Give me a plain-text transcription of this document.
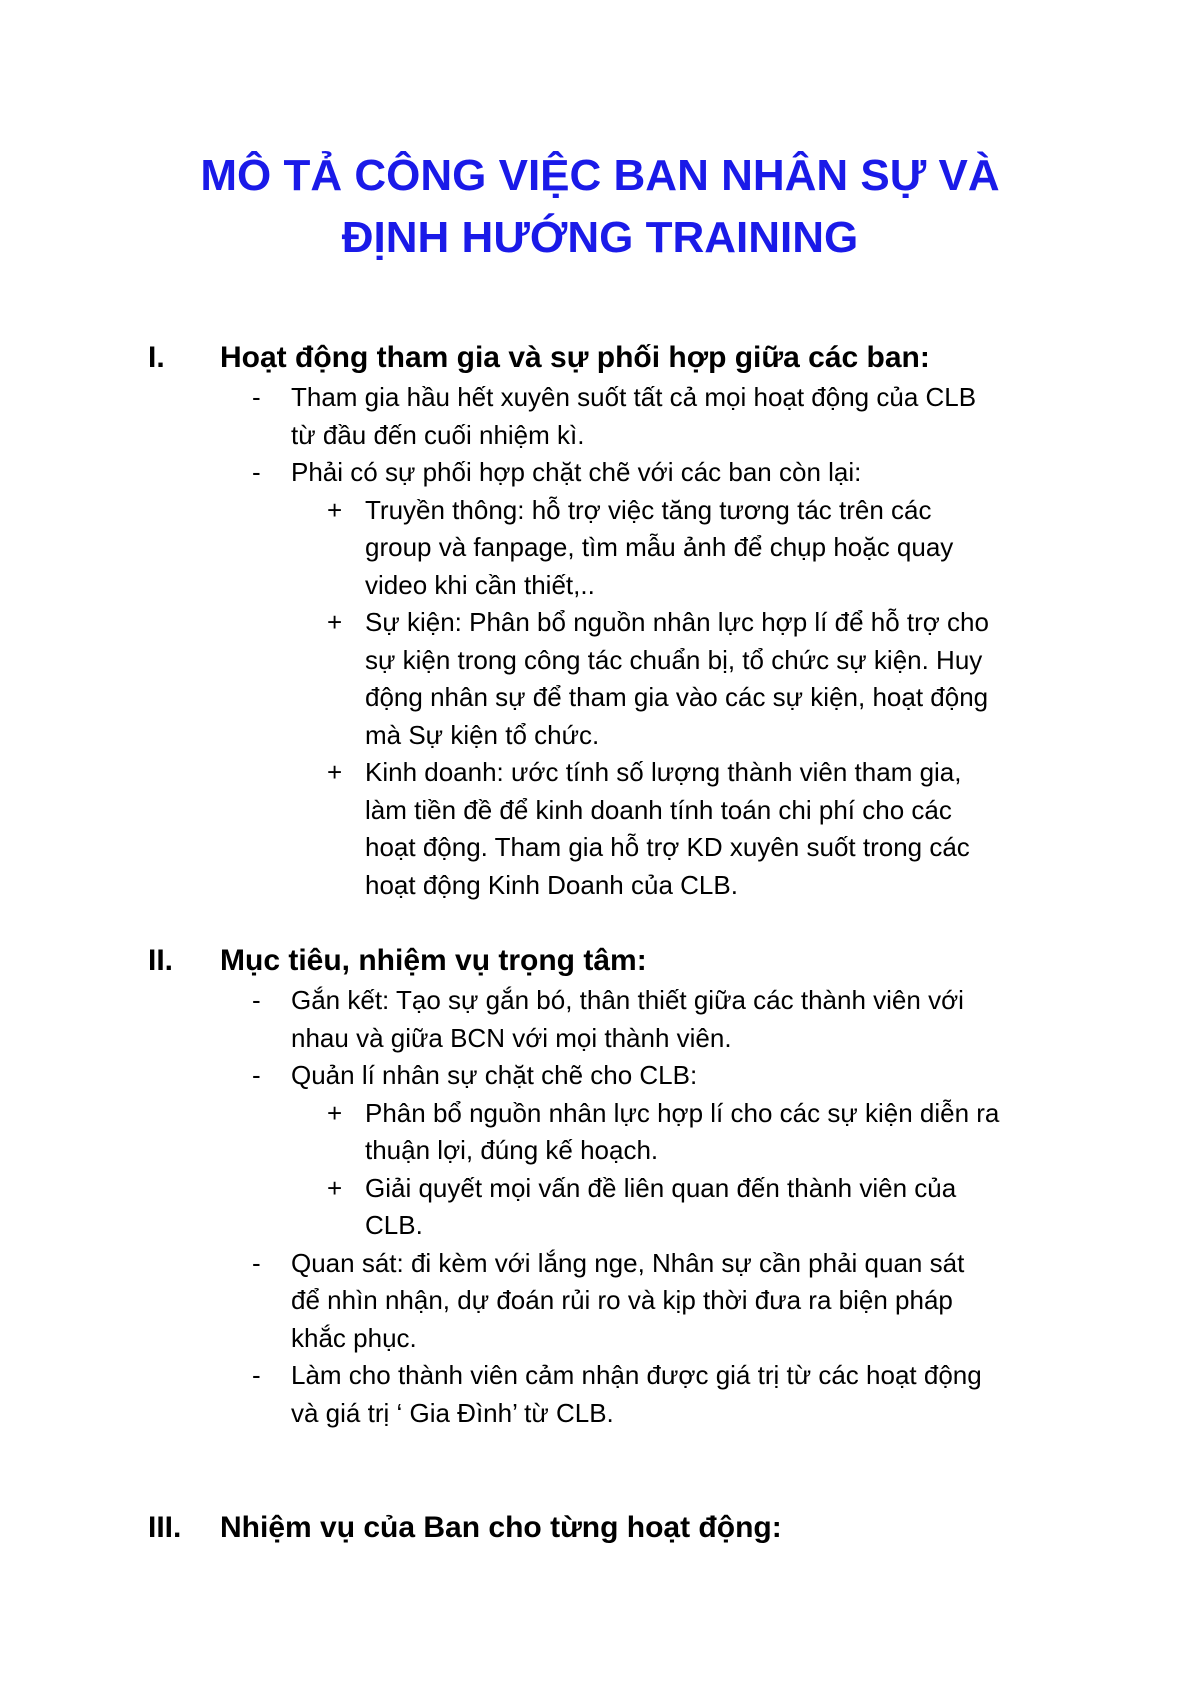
MÔ TẢ CÔNG VIỆC BAN NHÂN SỰ VÀ
ĐỊNH HƯỚNG TRAINING
I. Hoạt động tham gia và sự phối hợp giữa các ban:
- Tham gia hầu hết xuyên suốt tất cả mọi hoạt động của CLB
từ đầu đến cuối nhiệm kì.
- Phải có sự phối hợp chặt chẽ với các ban còn lại:
+ Truyền thông: hỗ trợ việc tăng tương tác trên các
group và fanpage, tìm mẫu ảnh để chụp hoặc quay
video khi cần thiết,..
+ Sự kiện: Phân bổ nguồn nhân lực hợp lí để hỗ trợ cho
sự kiện trong công tác chuẩn bị, tổ chức sự kiện. Huy
động nhân sự để tham gia vào các sự kiện, hoạt động
mà Sự kiện tổ chức.
+ Kinh doanh: ước tính số lượng thành viên tham gia,
làm tiền đề để kinh doanh tính toán chi phí cho các
hoạt động. Tham gia hỗ trợ KD xuyên suốt trong các
hoạt động Kinh Doanh của CLB.
II. Mục tiêu, nhiệm vụ trọng tâm:
- Gắn kết: Tạo sự gắn bó, thân thiết giữa các thành viên với
nhau và giữa BCN với mọi thành viên.
- Quản lí nhân sự chặt chẽ cho CLB:
+ Phân bổ nguồn nhân lực hợp lí cho các sự kiện diễn ra
thuận lợi, đúng kế hoạch.
+ Giải quyết mọi vấn đề liên quan đến thành viên của
CLB.
- Quan sát: đi kèm với lắng nge, Nhân sự cần phải quan sát
để nhìn nhận, dự đoán rủi ro và kịp thời đưa ra biện pháp
khắc phục.
- Làm cho thành viên cảm nhận được giá trị từ các hoạt động
và giá trị ‘ Gia Đình’ từ CLB.
III. Nhiệm vụ của Ban cho từng hoạt động:
